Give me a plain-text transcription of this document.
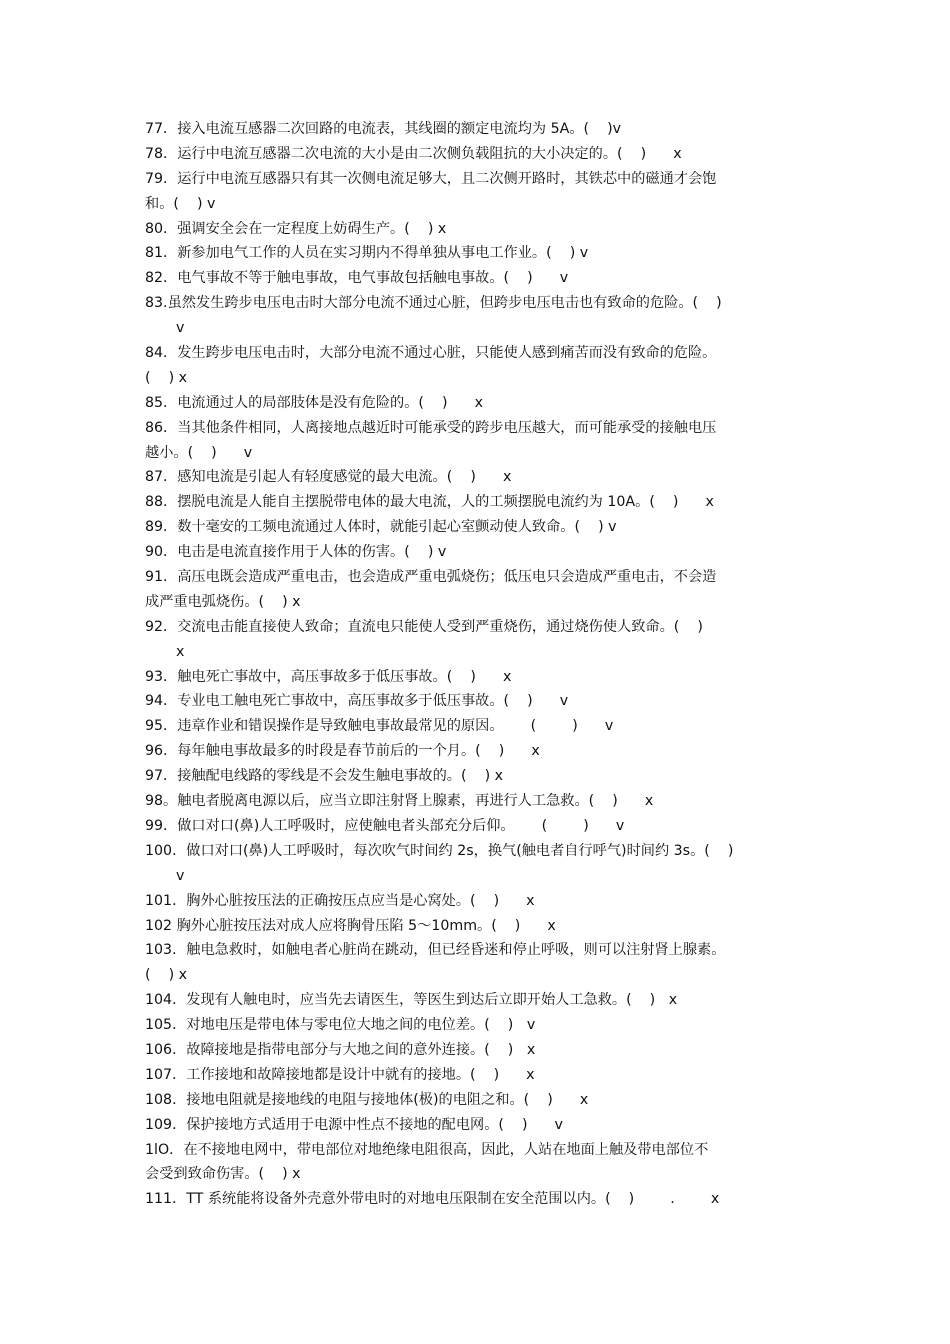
77．接入电流互感器二次回路的电流表，其线圈的额定电流均为 5A。(    )v
78．运行中电流互感器二次电流的大小是由二次侧负载阻抗的大小决定的。(    )      x
79．运行中电流互感器只有其一次侧电流足够大，且二次侧开路时，其铁芯中的磁通才会饱
和。(    ) v
80．强调安全会在一定程度上妨碍生产。(    ) x
81．新参加电气工作的人员在实习期内不得单独从事电工作业。(    ) v
82．电气事故不等于触电事故，电气事故包括触电事故。(    )      v
83.虽然发生跨步电压电击时大部分电流不通过心脏，但跨步电压电击也有致命的危险。(    )
v
84．发生跨步电压电击时，大部分电流不通过心脏，只能使人感到痛苦而没有致命的危险。
(    ) x
85．电流通过人的局部肢体是没有危险的。(    )      x
86．当其他条件相同，人离接地点越近时可能承受的跨步电压越大，而可能承受的接触电压
越小。(    )      v
87．感知电流是引起人有轻度感觉的最大电流。(    )      x
88．摆脱电流是人能自主摆脱带电体的最大电流，人的工频摆脱电流约为 10A。(    )      x
89．数十毫安的工频电流通过人体时，就能引起心室颤动使人致命。(    ) v
90．电击是电流直接作用于人体的伤害。(    ) v
91．高压电既会造成严重电击，也会造成严重电弧烧伤；低压电只会造成严重电击，不会造
成严重电弧烧伤。(    ) x
92．交流电击能直接使人致命；直流电只能使人受到严重烧伤，通过烧伤使人致命。(    )
x
93．触电死亡事故中，高压事故多于低压事故。(    )      x
94．专业电工触电死亡事故中，高压事故多于低压事故。(    )      v
95．违章作业和错误操作是导致触电事故最常见的原因。      (        )      v
96．每年触电事故最多的时段是春节前后的一个月。(    )      x
97．接触配电线路的零线是不会发生触电事故的。(    ) x
98。触电者脱离电源以后，应当立即注射肾上腺素，再进行人工急救。(    )      x
99．做口对口(鼻)人工呼吸时，应使触电者头部充分后仰。      (        )      v
100．做口对口(鼻)人工呼吸时，每次吹气时间约 2s，换气(触电者自行呼气)时间约 3s。(    )
v
101．胸外心脏按压法的正确按压点应当是心窝处。(    )      x
102 胸外心脏按压法对成人应将胸骨压陷 5～10mm。(    )      x
103．触电急救时，如触电者心脏尚在跳动，但已经昏迷和停止呼吸，则可以注射肾上腺素。
(    ) x
104．发现有人触电时，应当先去请医生，等医生到达后立即开始人工急救。(    )   x
105．对地电压是带电体与零电位大地之间的电位差。(    )   v
106．故障接地是指带电部分与大地之间的意外连接。(    )   x
107．工作接地和故障接地都是设计中就有的接地。(    )      x
108．接地电阻就是接地线的电阻与接地体(极)的电阻之和。(    )      x
109．保护接地方式适用于电源中性点不接地的配电网。(    )      v
1lO．在不接地电网中，带电部位对地绝缘电阻很高，因此，人站在地面上触及带电部位不
会受到致命伤害。(    ) x
111．TT 系统能将设备外壳意外带电时的对地电压限制在安全范围以内。(    )        .        x
